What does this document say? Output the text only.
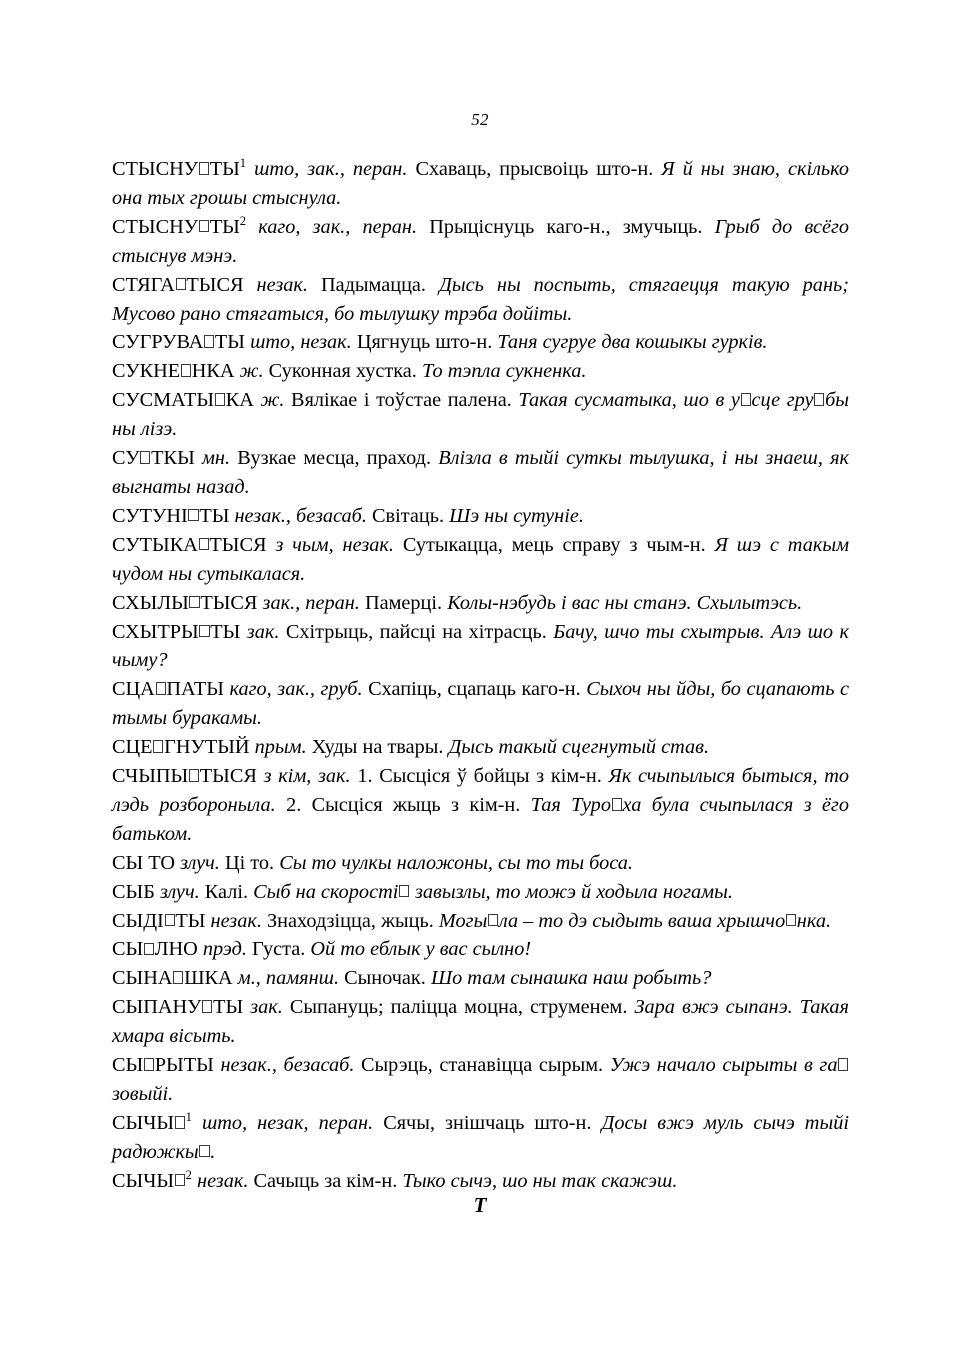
52

СТЫСНУ $ТЫ^1$ што, зак., перан. Схаваць, прысвоіць што-н. Я й ны знаю, скілько она тых грошы стыснула.

СТЫСНУ $ТЫ^2$ каго, зак., перан. Прыціснуць каго-н., змучыць. Грыб до всёго стыснув мэнэ.

СТЯГА ТЫСЯ незак. Падымацца. Дысь ны поспыть, стягаецця такую рань; Мусово рано стягатыся, бо тылушку трэба дойіты.

СУГРУВА ТЫ што, незак. Цягнуць што-н. Таня сугруе два кошыкы гурків.

СУКНЕ НКА ж. Суконная хустка. То тэпла сукненка.

СУСМАТЫ КА ж. Вялікае і тоўстае палена. Такая сусматыка, шо в у сце гру бы ны лізэ.

СУ ТКЫ мн. Вузкае месца, праход. Влізла в тыйі суткы тылушка, і ны знаеш, як выгнаты назад.

СУТУНІ ТЫ незак., безасаб. Світаць. Шэ ны сутуніе.

СУТЫКА ТЫСЯ з чым, незак. Сутыкацца, мець справу з чым-н. Я шэ с такым чудом ны сутыкалася.

СХЫЛЫ ТЫСЯ зак., перан. Памерці. Колы-нэбудь і вас ны станэ. Схылытэсь.

СХЫТРЫ ТЫ зак. Схітрыць, пайсці на хітрасць. Бачу, шчо ты схытрыв. Алэ шо к чыму?

СЦА ПАТЫ каго, зак., груб. Схапіць, сцапаць каго-н. Сыхоч ны йды, бо сцапають с тымы буракамы.

СЦЕ ГНУТЫЙ прым. Худы на твары. Дысь такый сцегнутый став.

СЧЫПЫ ТЫСЯ з кім, зак. 1. Сысціся ў бойцы з кім-н. Як счыпылыся бытыся, то лэдь розбороныла. 2. Сысціся жыць з кім-н. Тая Туро ха була счыпылася з ёго батьком.

СЫ ТО злуч. Ці то. Сы то чулкы наложоны, сы то ты боса.

СЫБ злуч. Калі. Сыб на скорості завызлы, то можэ й ходыла ногамы.

СЫДІ ТЫ незак. Знаходзіцца, жыць. Могы ла – то дэ сыдыть ваша хрышчо нка.

СЫ ЛНО прэд. Густа. Ой то еблык у вас сылно!

СЫНА ШКА м., памянш. Сыночак. Шо там сынашка наш робыть?

СЫПАНУ ТЫ зак. Сыпануць; паліцца моцна, струменем. Зара вжэ сыпанэ. Такая хмара вісыть.

СЫ РЫТЫ незак., безасаб. Сырэць, станавіцца сырым. Ужэ начало сырыты в газовыйі.

СЫЧЫ $^1$ што, незак, перан. Сячы, знішчаць што-н. Досы вжэ муль сычэ тыйі радюжкы .

СЫЧЫ $^2$ незак. Сачыць за кім-н. Тыко сычэ, шо ны так скажэш.

Т
